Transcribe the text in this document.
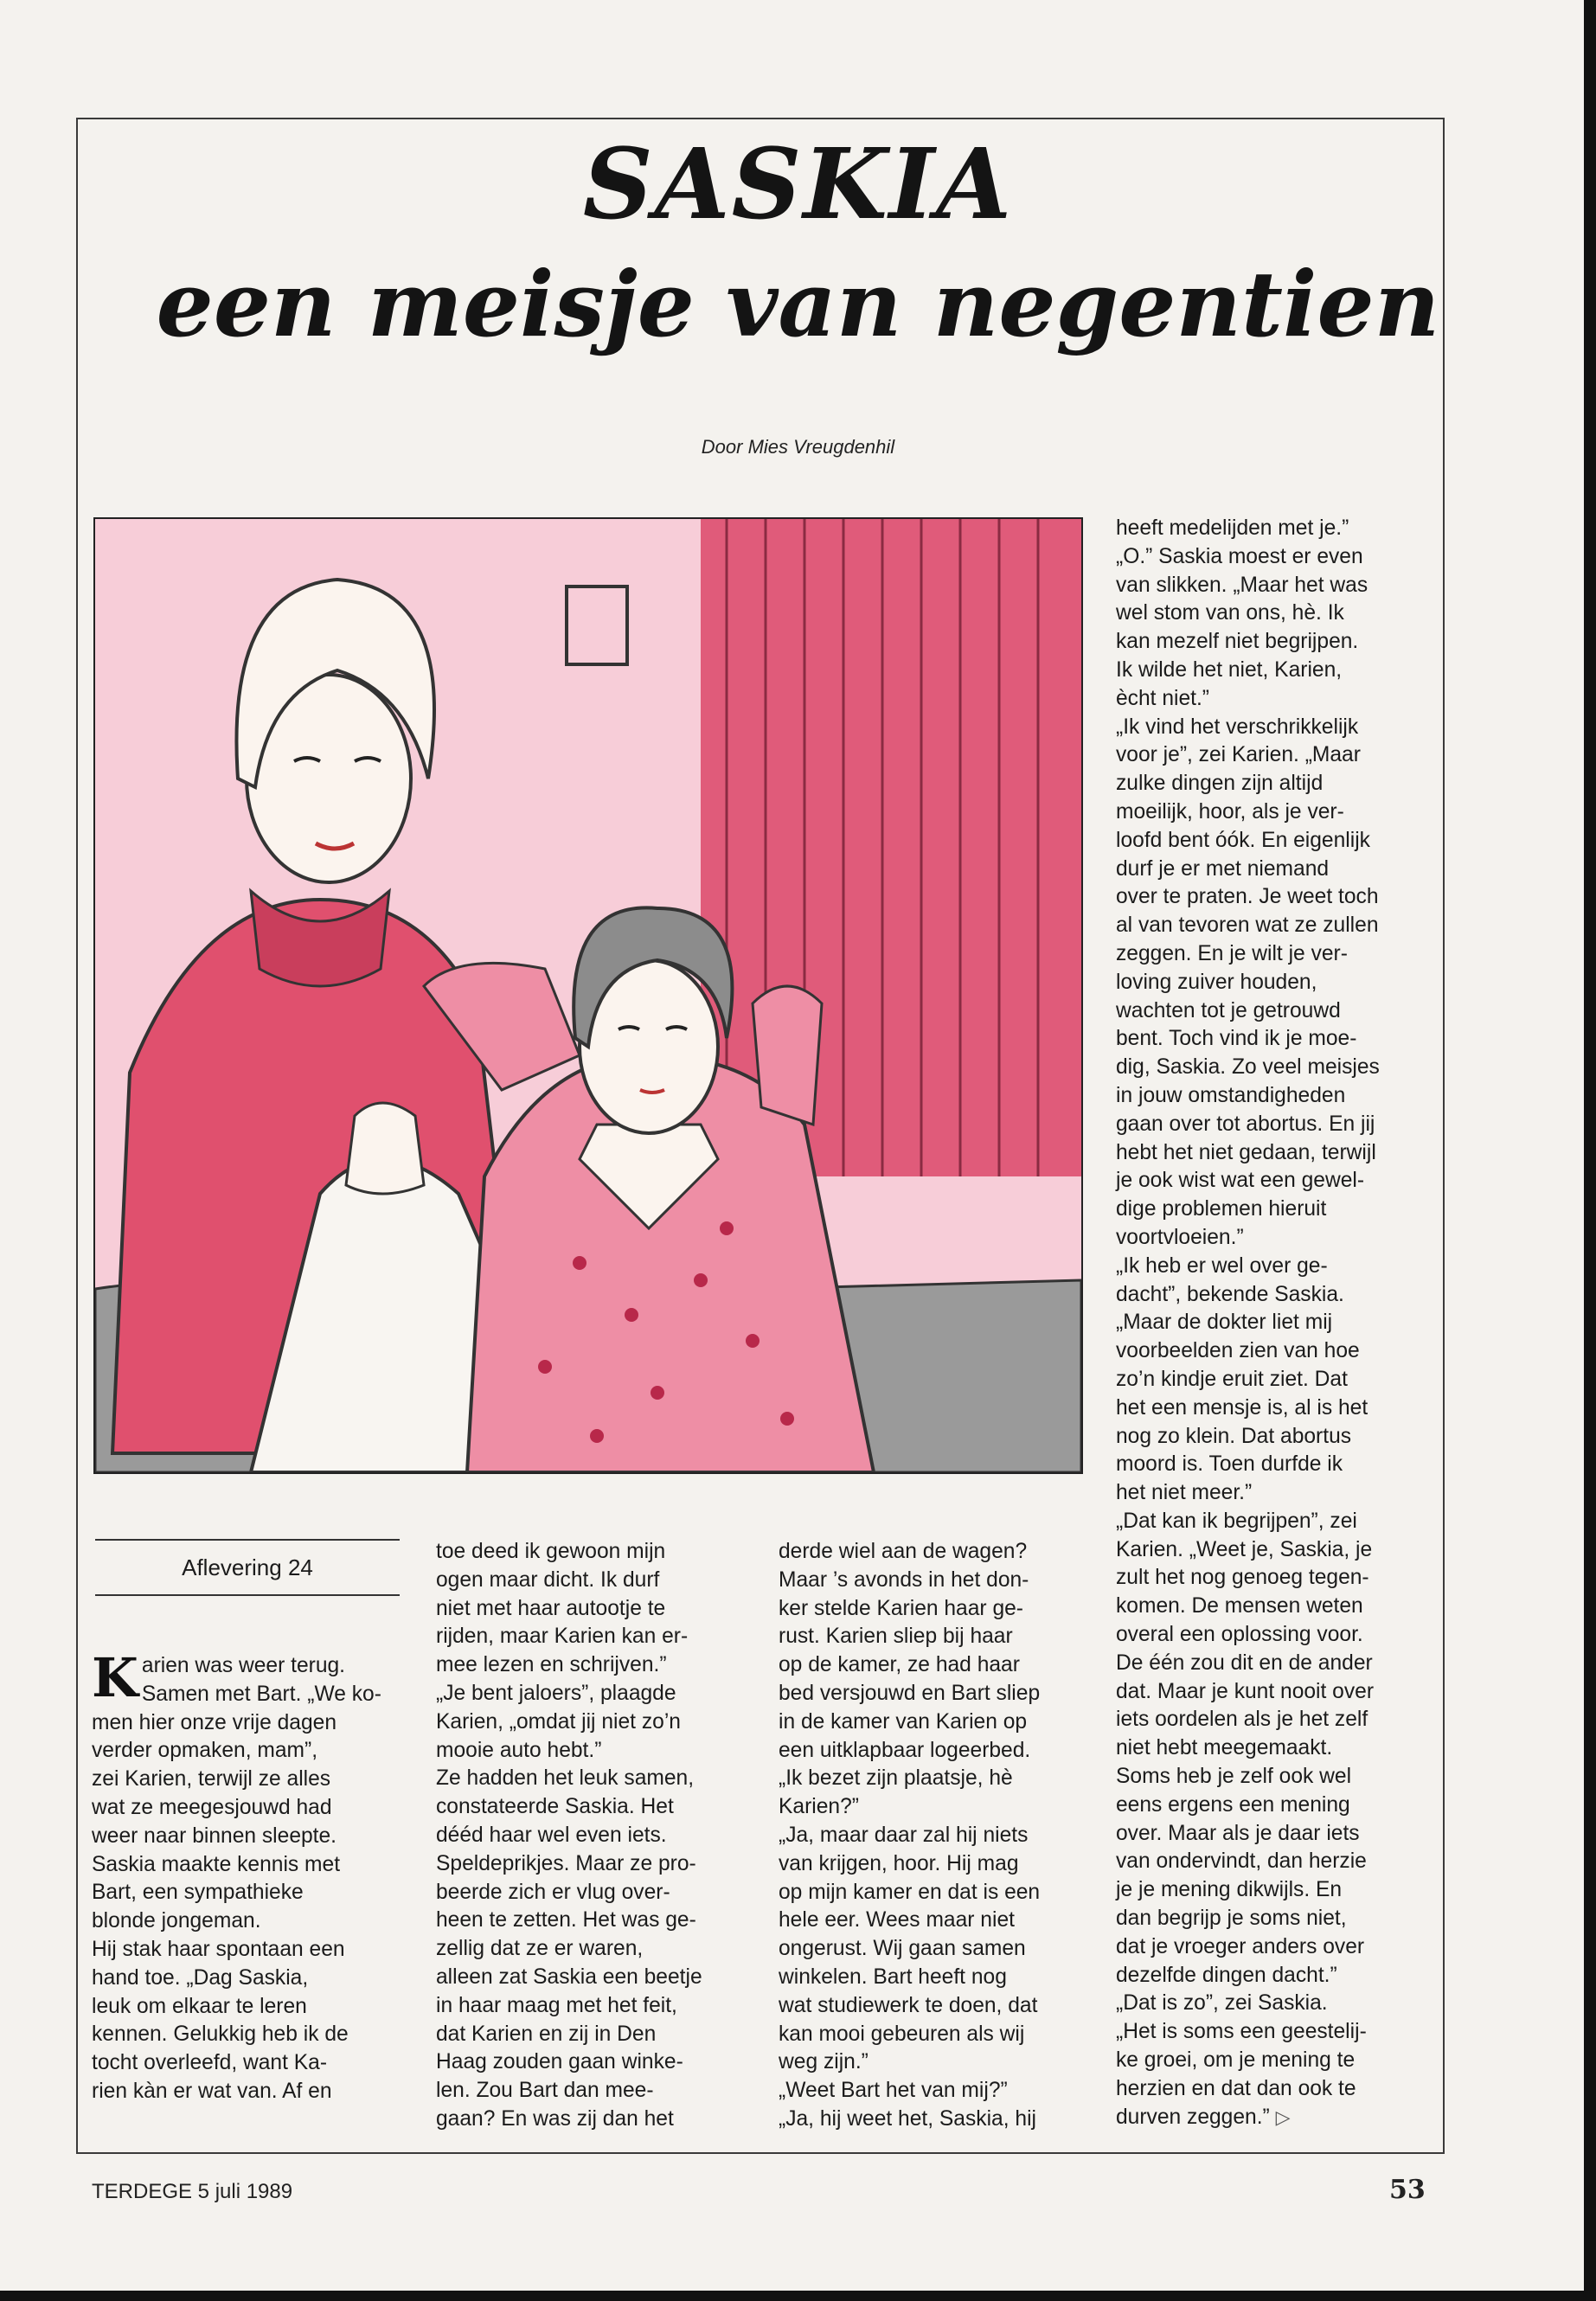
SASKIA
een meisje van negentien
Door Mies Vreugdenhil
Aflevering 24
K arien was weer terug.
Samen met Bart. „We ko-
men hier onze vrije dagen
verder opmaken, mam”,
zei Karien, terwijl ze alles
wat ze meegesjouwd had
weer naar binnen sleepte.
Saskia maakte kennis met
Bart, een sympathieke
blonde jongeman.
Hij stak haar spontaan een
hand toe. „Dag Saskia,
leuk om elkaar te leren
kennen. Gelukkig heb ik de
tocht overleefd, want Ka-
rien kàn er wat van. Af en

toe deed ik gewoon mijn
ogen maar dicht. Ik durf
niet met haar autootje te
rijden, maar Karien kan er-
mee lezen en schrijven.”
„Je bent jaloers”, plaagde
Karien, „omdat jij niet zo’n
mooie auto hebt.”
Ze hadden het leuk samen,
constateerde Saskia. Het
dééd haar wel even iets.
Speldeprikjes. Maar ze pro-
beerde zich er vlug over-
heen te zetten. Het was ge-
zellig dat ze er waren,
alleen zat Saskia een beetje
in haar maag met het feit,
dat Karien en zij in Den
Haag zouden gaan winke-
len. Zou Bart dan mee-
gaan? En was zij dan het

derde wiel aan de wagen?
Maar ’s avonds in het don-
ker stelde Karien haar ge-
rust. Karien sliep bij haar
op de kamer, ze had haar
bed versjouwd en Bart sliep
in de kamer van Karien op
een uitklapbaar logeerbed.
„Ik bezet zijn plaatsje, hè
Karien?”
„Ja, maar daar zal hij niets
van krijgen, hoor. Hij mag
op mijn kamer en dat is een
hele eer. Wees maar niet
ongerust. Wij gaan samen
winkelen. Bart heeft nog
wat studiewerk te doen, dat
kan mooi gebeuren als wij
weg zijn.”
„Weet Bart het van mij?”
„Ja, hij weet het, Saskia, hij

heeft medelijden met je.”
„O.” Saskia moest er even
van slikken. „Maar het was
wel stom van ons, hè. Ik
kan mezelf niet begrijpen.
Ik wilde het niet, Karien,
ècht niet.”
„Ik vind het verschrikkelijk
voor je”, zei Karien. „Maar
zulke dingen zijn altijd
moeilijk, hoor, als je ver-
loofd bent óók. En eigenlijk
durf je er met niemand
over te praten. Je weet toch
al van tevoren wat ze zullen
zeggen. En je wilt je ver-
loving zuiver houden,
wachten tot je getrouwd
bent. Toch vind ik je moe-
dig, Saskia. Zo veel meisjes
in jouw omstandigheden
gaan over tot abortus. En jij
hebt het niet gedaan, terwijl
je ook wist wat een gewel-
dige problemen hieruit
voortvloeien.”
„Ik heb er wel over ge-
dacht”, bekende Saskia.
„Maar de dokter liet mij
voorbeelden zien van hoe
zo’n kindje eruit ziet. Dat
het een mensje is, al is het
nog zo klein. Dat abortus
moord is. Toen durfde ik
het niet meer.”
„Dat kan ik begrijpen”, zei
Karien. „Weet je, Saskia, je
zult het nog genoeg tegen-
komen. De mensen weten
overal een oplossing voor.
De één zou dit en de ander
dat. Maar je kunt nooit over
iets oordelen als je het zelf
niet hebt meegemaakt.
Soms heb je zelf ook wel
eens ergens een mening
over. Maar als je daar iets
van ondervindt, dan herzie
je je mening dikwijls. En
dan begrijp je soms niet,
dat je vroeger anders over
dezelfde dingen dacht.”
„Dat is zo”, zei Saskia.
„Het is soms een geestelij-
ke groei, om je mening te
herzien en dat dan ook te
durven zeggen.” ▷

TERDEGE 5 juli 1989	53
